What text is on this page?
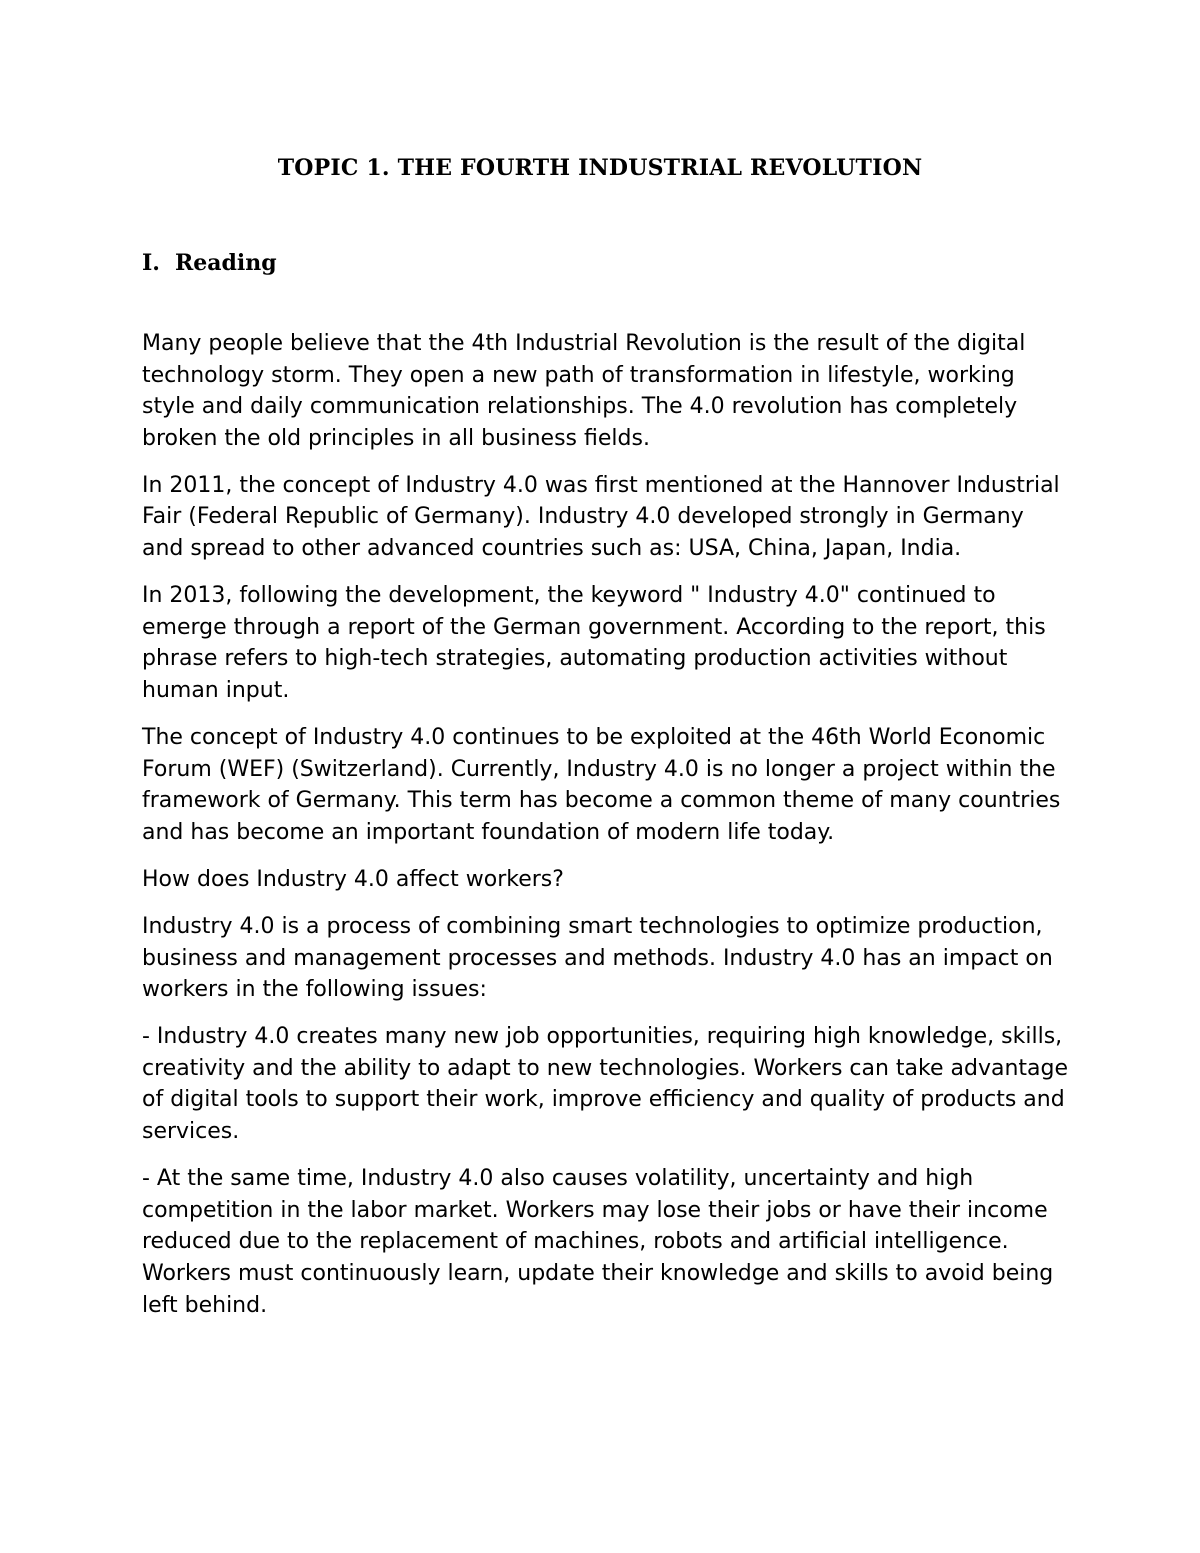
TOPIC 1. THE FOURTH INDUSTRIAL REVOLUTION
I. Reading

Many people believe that the 4th Industrial Revolution is the result of the digital technology storm. They open a new path of transformation in lifestyle, working style and daily communication relationships. The 4.0 revolution has completely broken the old principles in all business fields.

In 2011, the concept of Industry 4.0 was first mentioned at the Hannover Industrial Fair (Federal Republic of Germany). Industry 4.0 developed strongly in Germany and spread to other advanced countries such as: USA, China, Japan, India.

In 2013, following the development, the keyword " Industry 4.0" continued to emerge through a report of the German government. According to the report, this phrase refers to high-tech strategies, automating production activities without human input.

The concept of Industry 4.0 continues to be exploited at the 46th World Economic Forum (WEF) (Switzerland). Currently, Industry 4.0 is no longer a project within the framework of Germany. This term has become a common theme of many countries and has become an important foundation of modern life today.

How does Industry 4.0 affect workers?

Industry 4.0 is a process of combining smart technologies to optimize production, business and management processes and methods. Industry 4.0 has an impact on workers in the following issues:

- Industry 4.0 creates many new job opportunities, requiring high knowledge, skills, creativity and the ability to adapt to new technologies. Workers can take advantage of digital tools to support their work, improve efficiency and quality of products and services.

- At the same time, Industry 4.0 also causes volatility, uncertainty and high competition in the labor market. Workers may lose their jobs or have their income reduced due to the replacement of machines, robots and artificial intelligence. Workers must continuously learn, update their knowledge and skills to avoid being left behind.
